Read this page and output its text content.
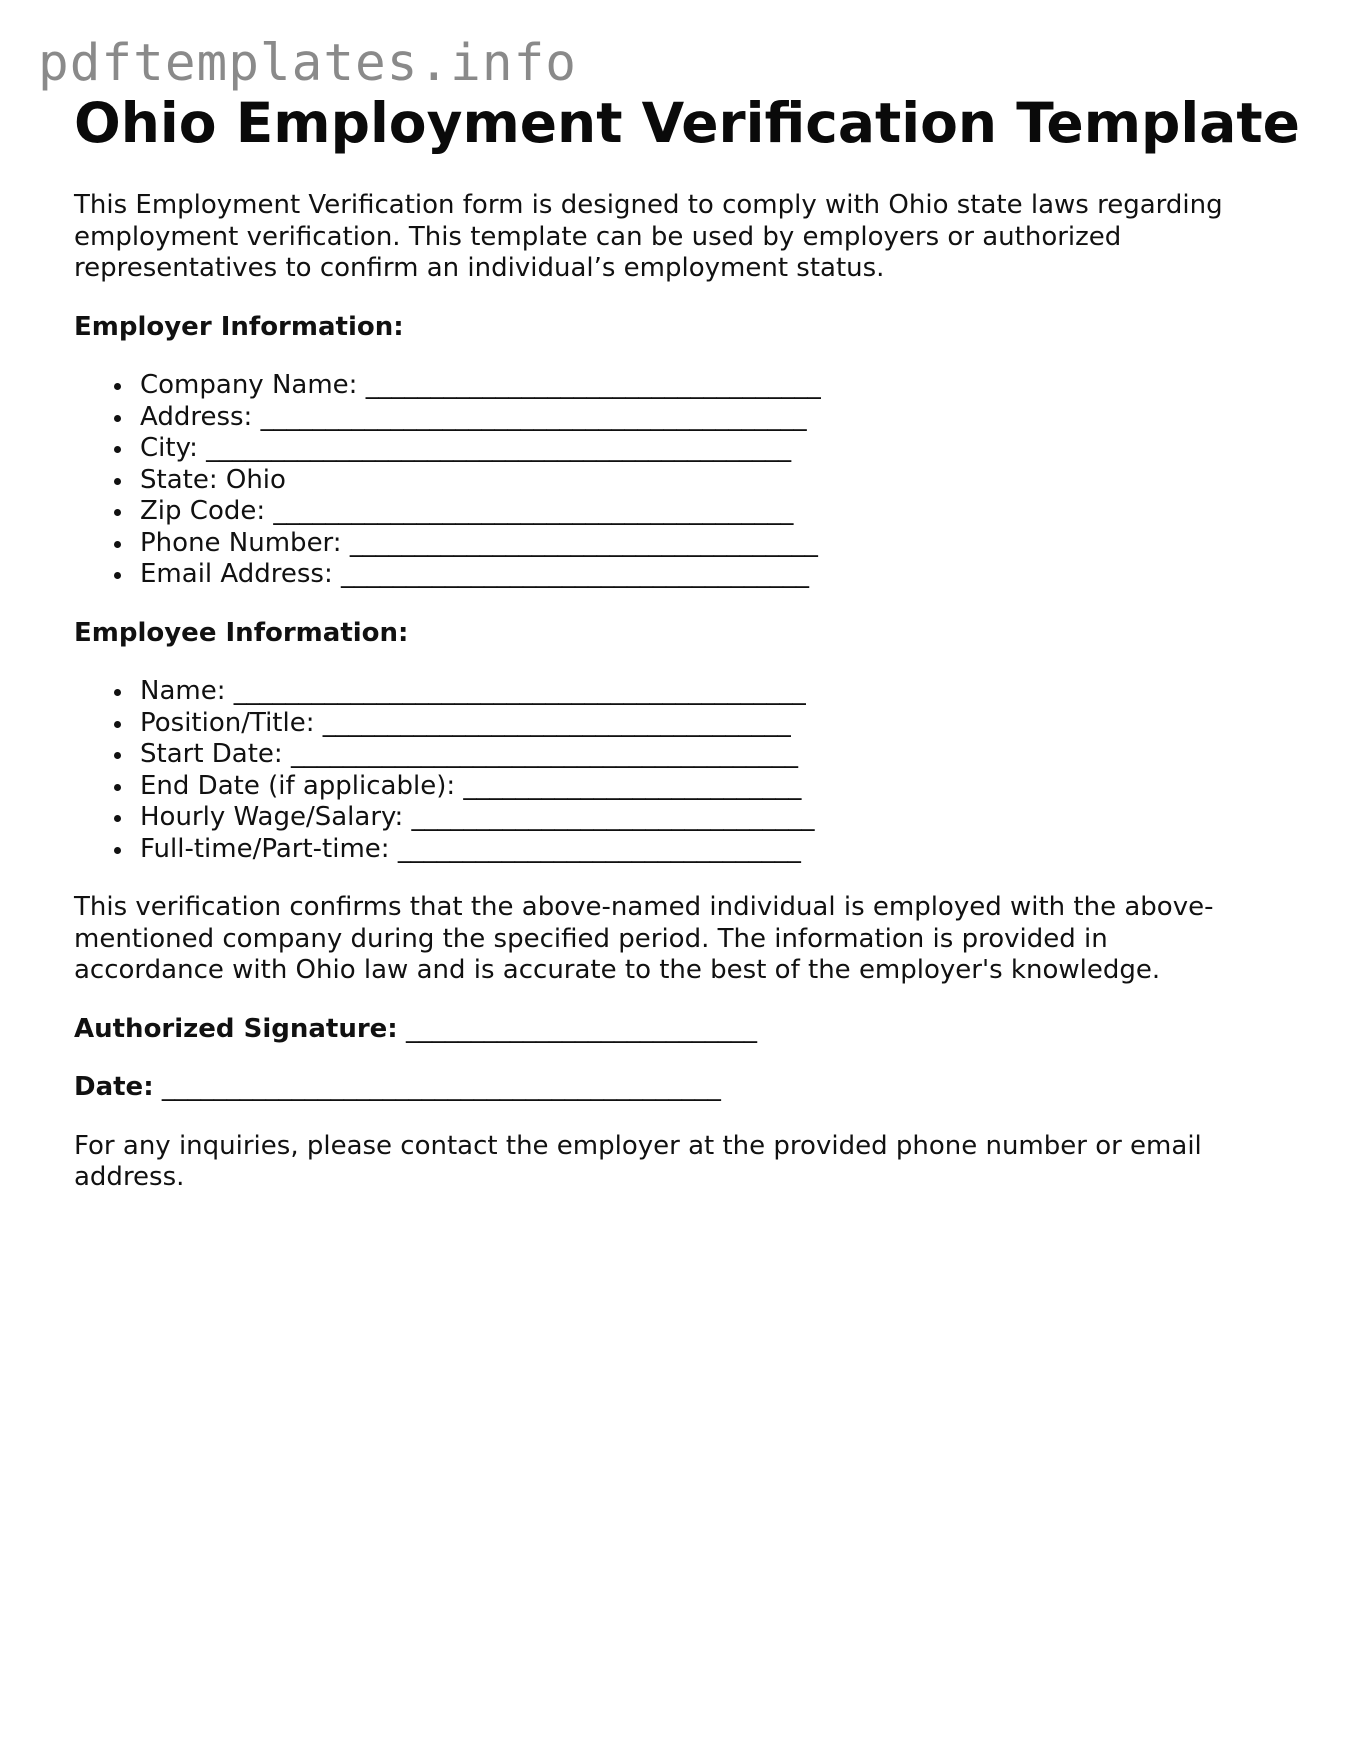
pdftemplates.info
Ohio Employment Verification Template

This Employment Verification form is designed to comply with Ohio state laws regarding employment verification. This template can be used by employers or authorized representatives to confirm an individual’s employment status.

Employer Information:
Company Name: ___________________________________
Address: __________________________________________
City: _____________________________________________
State: Ohio
Zip Code: ________________________________________
Phone Number: ____________________________________
Email Address: ____________________________________
Employee Information:
Name: ____________________________________________
Position/Title: ____________________________________
Start Date: _______________________________________
End Date (if applicable): __________________________
Hourly Wage/Salary: _______________________________
Full-time/Part-time: _______________________________

This verification confirms that the above-named individual is employed with the above-mentioned company during the specified period. The information is provided in accordance with Ohio law and is accurate to the best of the employer's knowledge.

Authorized Signature: ___________________________
Date: ___________________________________________

For any inquiries, please contact the employer at the provided phone number or email address.
